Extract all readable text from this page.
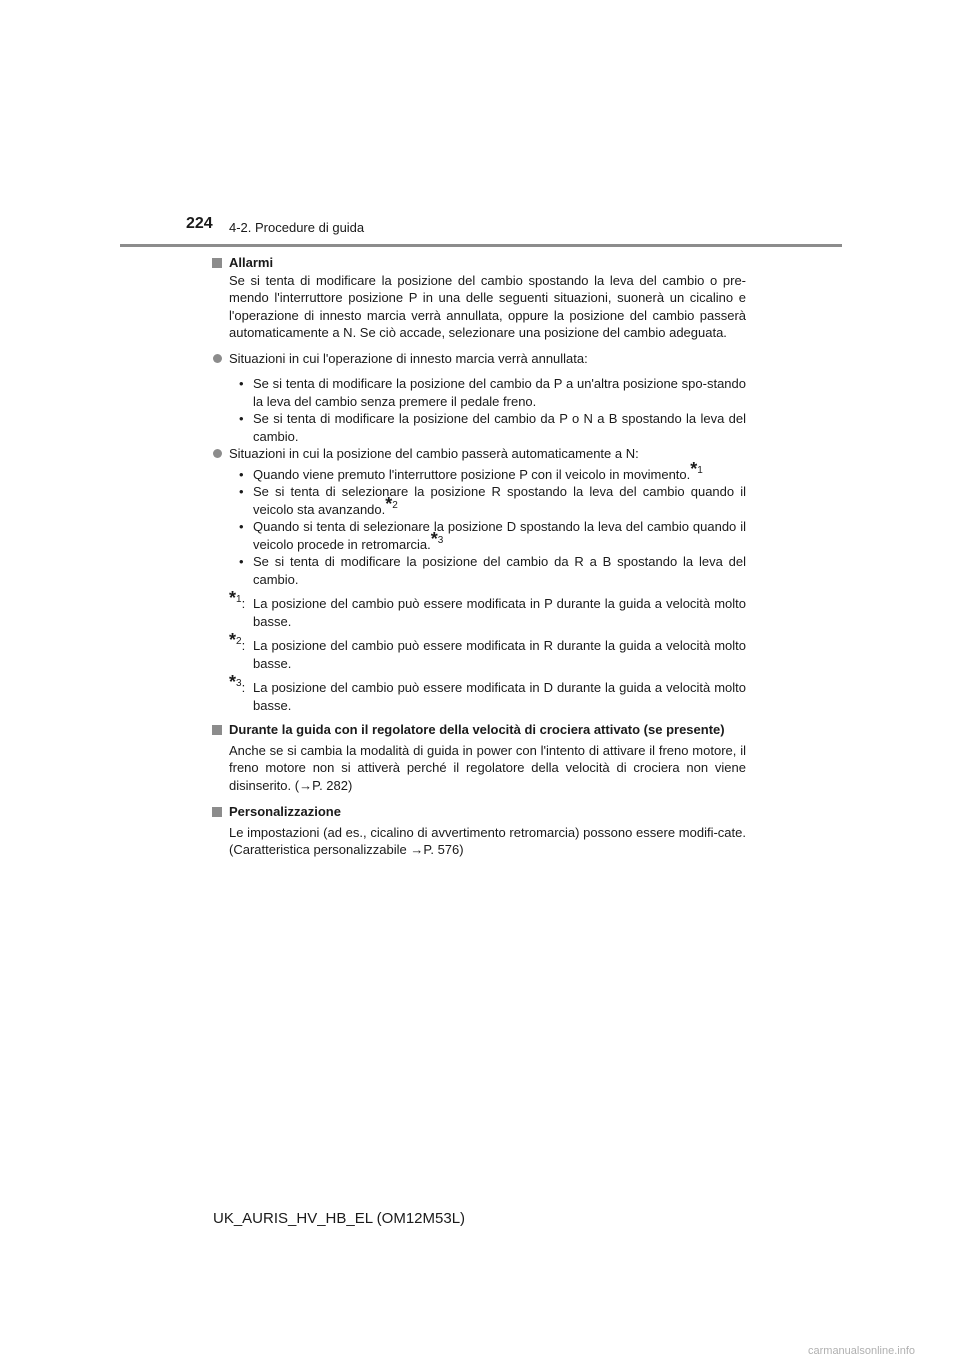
224 4-2. Procedure di guida
Allarmi
Se si tenta di modificare la posizione del cambio spostando la leva del cambio o pre-mendo l'interruttore posizione P in una delle seguenti situazioni, suonerà un cicalino e l'operazione di innesto marcia verrà annullata, oppure la posizione del cambio passerà automaticamente a N. Se ciò accade, selezionare una posizione del cambio adeguata.
Situazioni in cui l'operazione di innesto marcia verrà annullata:
• Se si tenta di modificare la posizione del cambio da P a un'altra posizione spo-stando la leva del cambio senza premere il pedale freno.
• Se si tenta di modificare la posizione del cambio da P o N a B spostando la leva del cambio.
Situazioni in cui la posizione del cambio passerà automaticamente a N:
• Quando viene premuto l'interruttore posizione P con il veicolo in movimento.*$^1$
• Se si tenta di selezionare la posizione R spostando la leva del cambio quando il veicolo sta avanzando.*$^2$
• Quando si tenta di selezionare la posizione D spostando la leva del cambio quando il veicolo procede in retromarcia.*$^3$
• Se si tenta di modificare la posizione del cambio da R a B spostando la leva del cambio.
*$^1$: La posizione del cambio può essere modificata in P durante la guida a velocità molto basse.
*$^2$: La posizione del cambio può essere modificata in R durante la guida a velocità molto basse.
*$^3$: La posizione del cambio può essere modificata in D durante la guida a velocità molto basse.
Durante la guida con il regolatore della velocità di crociera attivato (se presente)
Anche se si cambia la modalità di guida in power con l'intento di attivare il freno motore, il freno motore non si attiverà perché il regolatore della velocità di crociera non viene disinserito. (→P. 282)
Personalizzazione
Le impostazioni (ad es., cicalino di avvertimento retromarcia) possono essere modifi-cate. (Caratteristica personalizzabile →P. 576)
UK_AURIS_HV_HB_EL (OM12M53L)
carmanualsonline.info
